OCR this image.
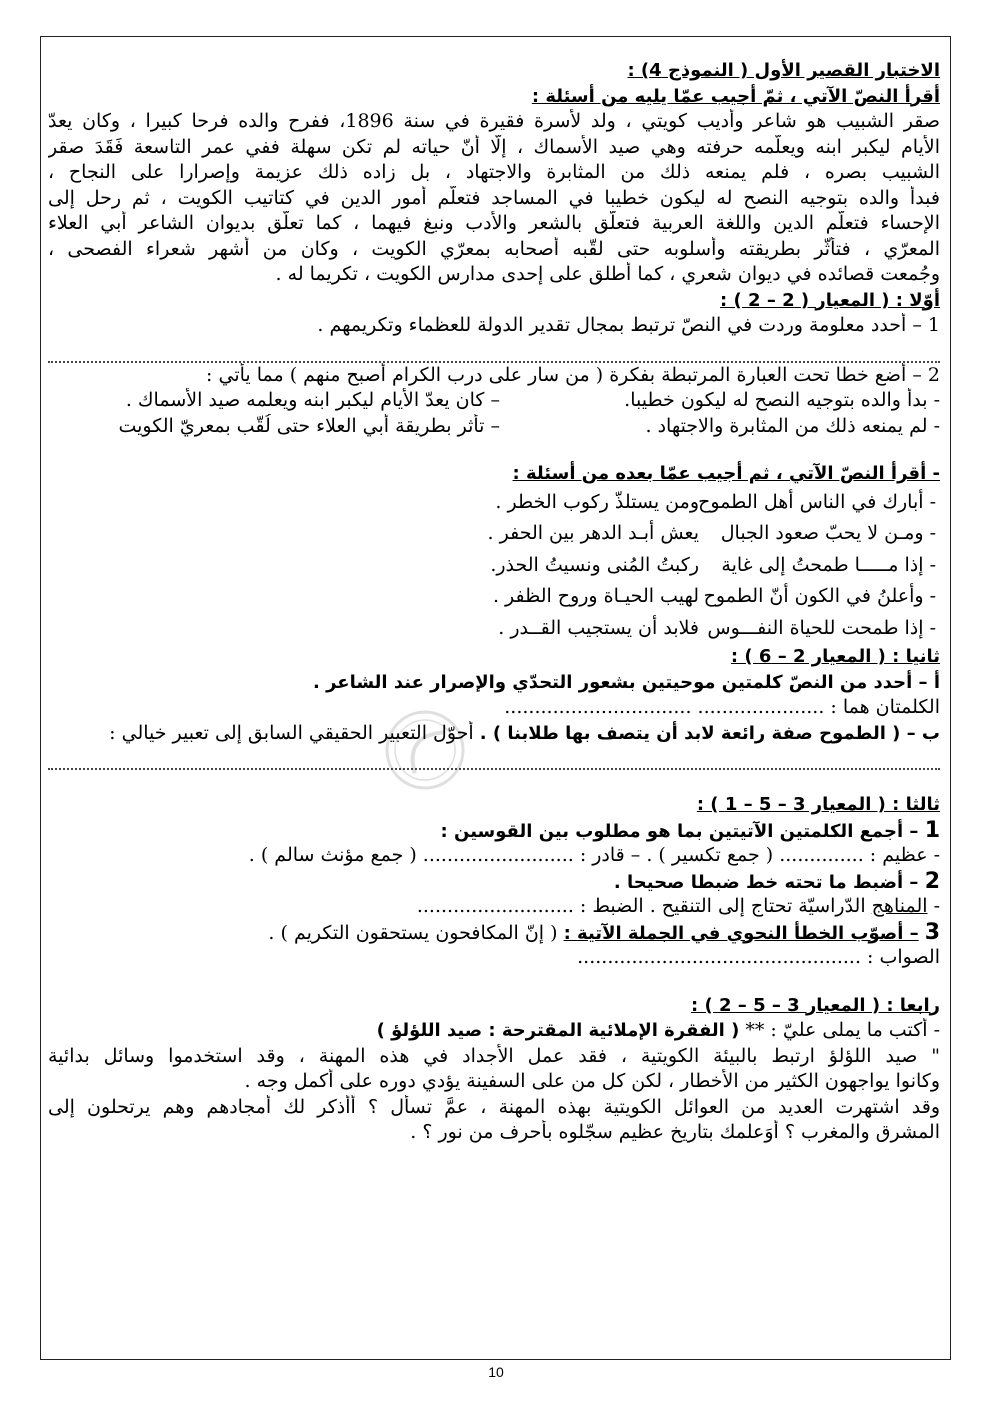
الاختبار القصير الأول ( النموذج 4) :
أقرأ النصّ الآتي ، ثمّ أجيب عمّا يليه من أسئلة :
صقر الشبيب هو شاعر وأديب كويتي ، ولد لأسرة فقيرة في سنة 1896، ففرح والده فرحا كبيرا ، وكان يعدّ
الأيام ليكبر ابنه ويعلّمه حرفته وهي صيد الأسماك ، إلّا أنّ حياته لم تكن سهلة ففي عمر التاسعة فَقَدَ صقر
الشبيب بصره ، فلم يمنعه ذلك من المثابرة والاجتهاد ، بل زاده ذلك عزيمة وإصرارا على النجاح ،
فبدأ والده بتوجيه النصح له ليكون خطيبا في المساجد فتعلّم أمور الدين في كتاتيب الكويت ، ثم رحل إلى
الإحساء فتعلّم الدين واللغة العربية فتعلّق بالشعر والأدب ونبغ فيهما ، كما تعلّق بديوان الشاعر أبي العلاء
المعرّي ، فتأثّر بطريقته وأسلوبه حتى لقّبه أصحابه بمعرّي الكويت ، وكان من أشهر شعراء الفصحى ،
وجُمعت قصائده في ديوان شعري ، كما أُطلق على إحدى مدارس الكويت ، تكريما له .
أوّلا : ( المعيار ( 2 – 2 ) :
1 – أحدد معلومة وردت في النصّ ترتبط بمجال تقدير الدولة للعظماء وتكريمهم .
2 – أضع خطا تحت العبارة المرتبطة بفكرة ( من سار على درب الكرام أصبح منهم ) مما يأتي :
- بدأ والده بتوجيه النصح له ليكون خطيبا.
– كان يعدّ الأيام ليكبر ابنه ويعلمه صيد الأسماك .
- لم يمنعه ذلك من المثابرة والاجتهاد .
– تأثر بطريقة أبي العلاء حتى لُقّب بمعريّ الكويت
- أقرأ النصّ الآتي ، ثم أجيب عمّا بعده من أسئلة :
- أبارك في الناس أهل الطموح
ومن يستلذّ ركوب الخطر .
- ومـن لا يحبّ صعود الجبال
يعش أبـد الدهر بين الحفر .
- إذا مـــــا طمحتُ إلى غاية
ركبتُ المُنى ونسيتُ الحذر.
- وأعلنُ في الكون أنّ الطموح
لهيب الحيـاة وروح الظفر .
- إذا طمحت للحياة النفـــوس
فلابد أن يستجيب القــدر .
ثانيا : ( المعيار 2 – 6 ) :
أ – أحدد من النصّ كلمتين موحيتين بشعور التحدّي والإصرار عند الشاعر .
الكلمتان هما : ..................... ...............................
ب – ( الطموح صفة رائعة لابد أن يتصف بها طلابنا ) . أحوّل التعبير الحقيقي السابق إلى تعبير خيالي :
ثالثا : ( المعيار 3 – 5 – 1 ) :
1 – أجمع الكلمتين الآتيتين بما هو مطلوب بين القوسين :
- عظيم : .............. ( جمع تكسير ) . – قادر : ......................... ( جمع مؤنث سالم ) .
2 – أضبط ما تحته خط ضبطا صحيحا .
- المناهج الدّراسيّة تحتاج إلى التنقيح . الضبط : ..........................
3 – أصوّب الخطأ النحوي في الجملة الآتية : ( إنّ المكافحون يستحقون التكريم ) .
الصواب : ...............................................
رابعا : ( المعيار 3 – 5 – 2 ) :
- أكتب ما يملى عليّ : ** ( الفقرة الإملائية المقترحة : صيد اللؤلؤ )
" صيد اللؤلؤ ارتبط بالبيئة الكويتية ، فقد عمل الأجداد في هذه المهنة ، وقد استخدموا وسائل بدائية
وكانوا يواجهون الكثير من الأخطار ، لكن كل من على السفينة يؤدي دوره على أكمل وجه .
وقد اشتهرت العديد من العوائل الكويتية بهذه المهنة ، عمَّ تسأل ؟ أأذكر لك أمجادهم وهم يرتحلون إلى
المشرق والمغرب ؟ أوَعلمك بتاريخ عظيم سجّلوه بأحرف من نور ؟ .
10
